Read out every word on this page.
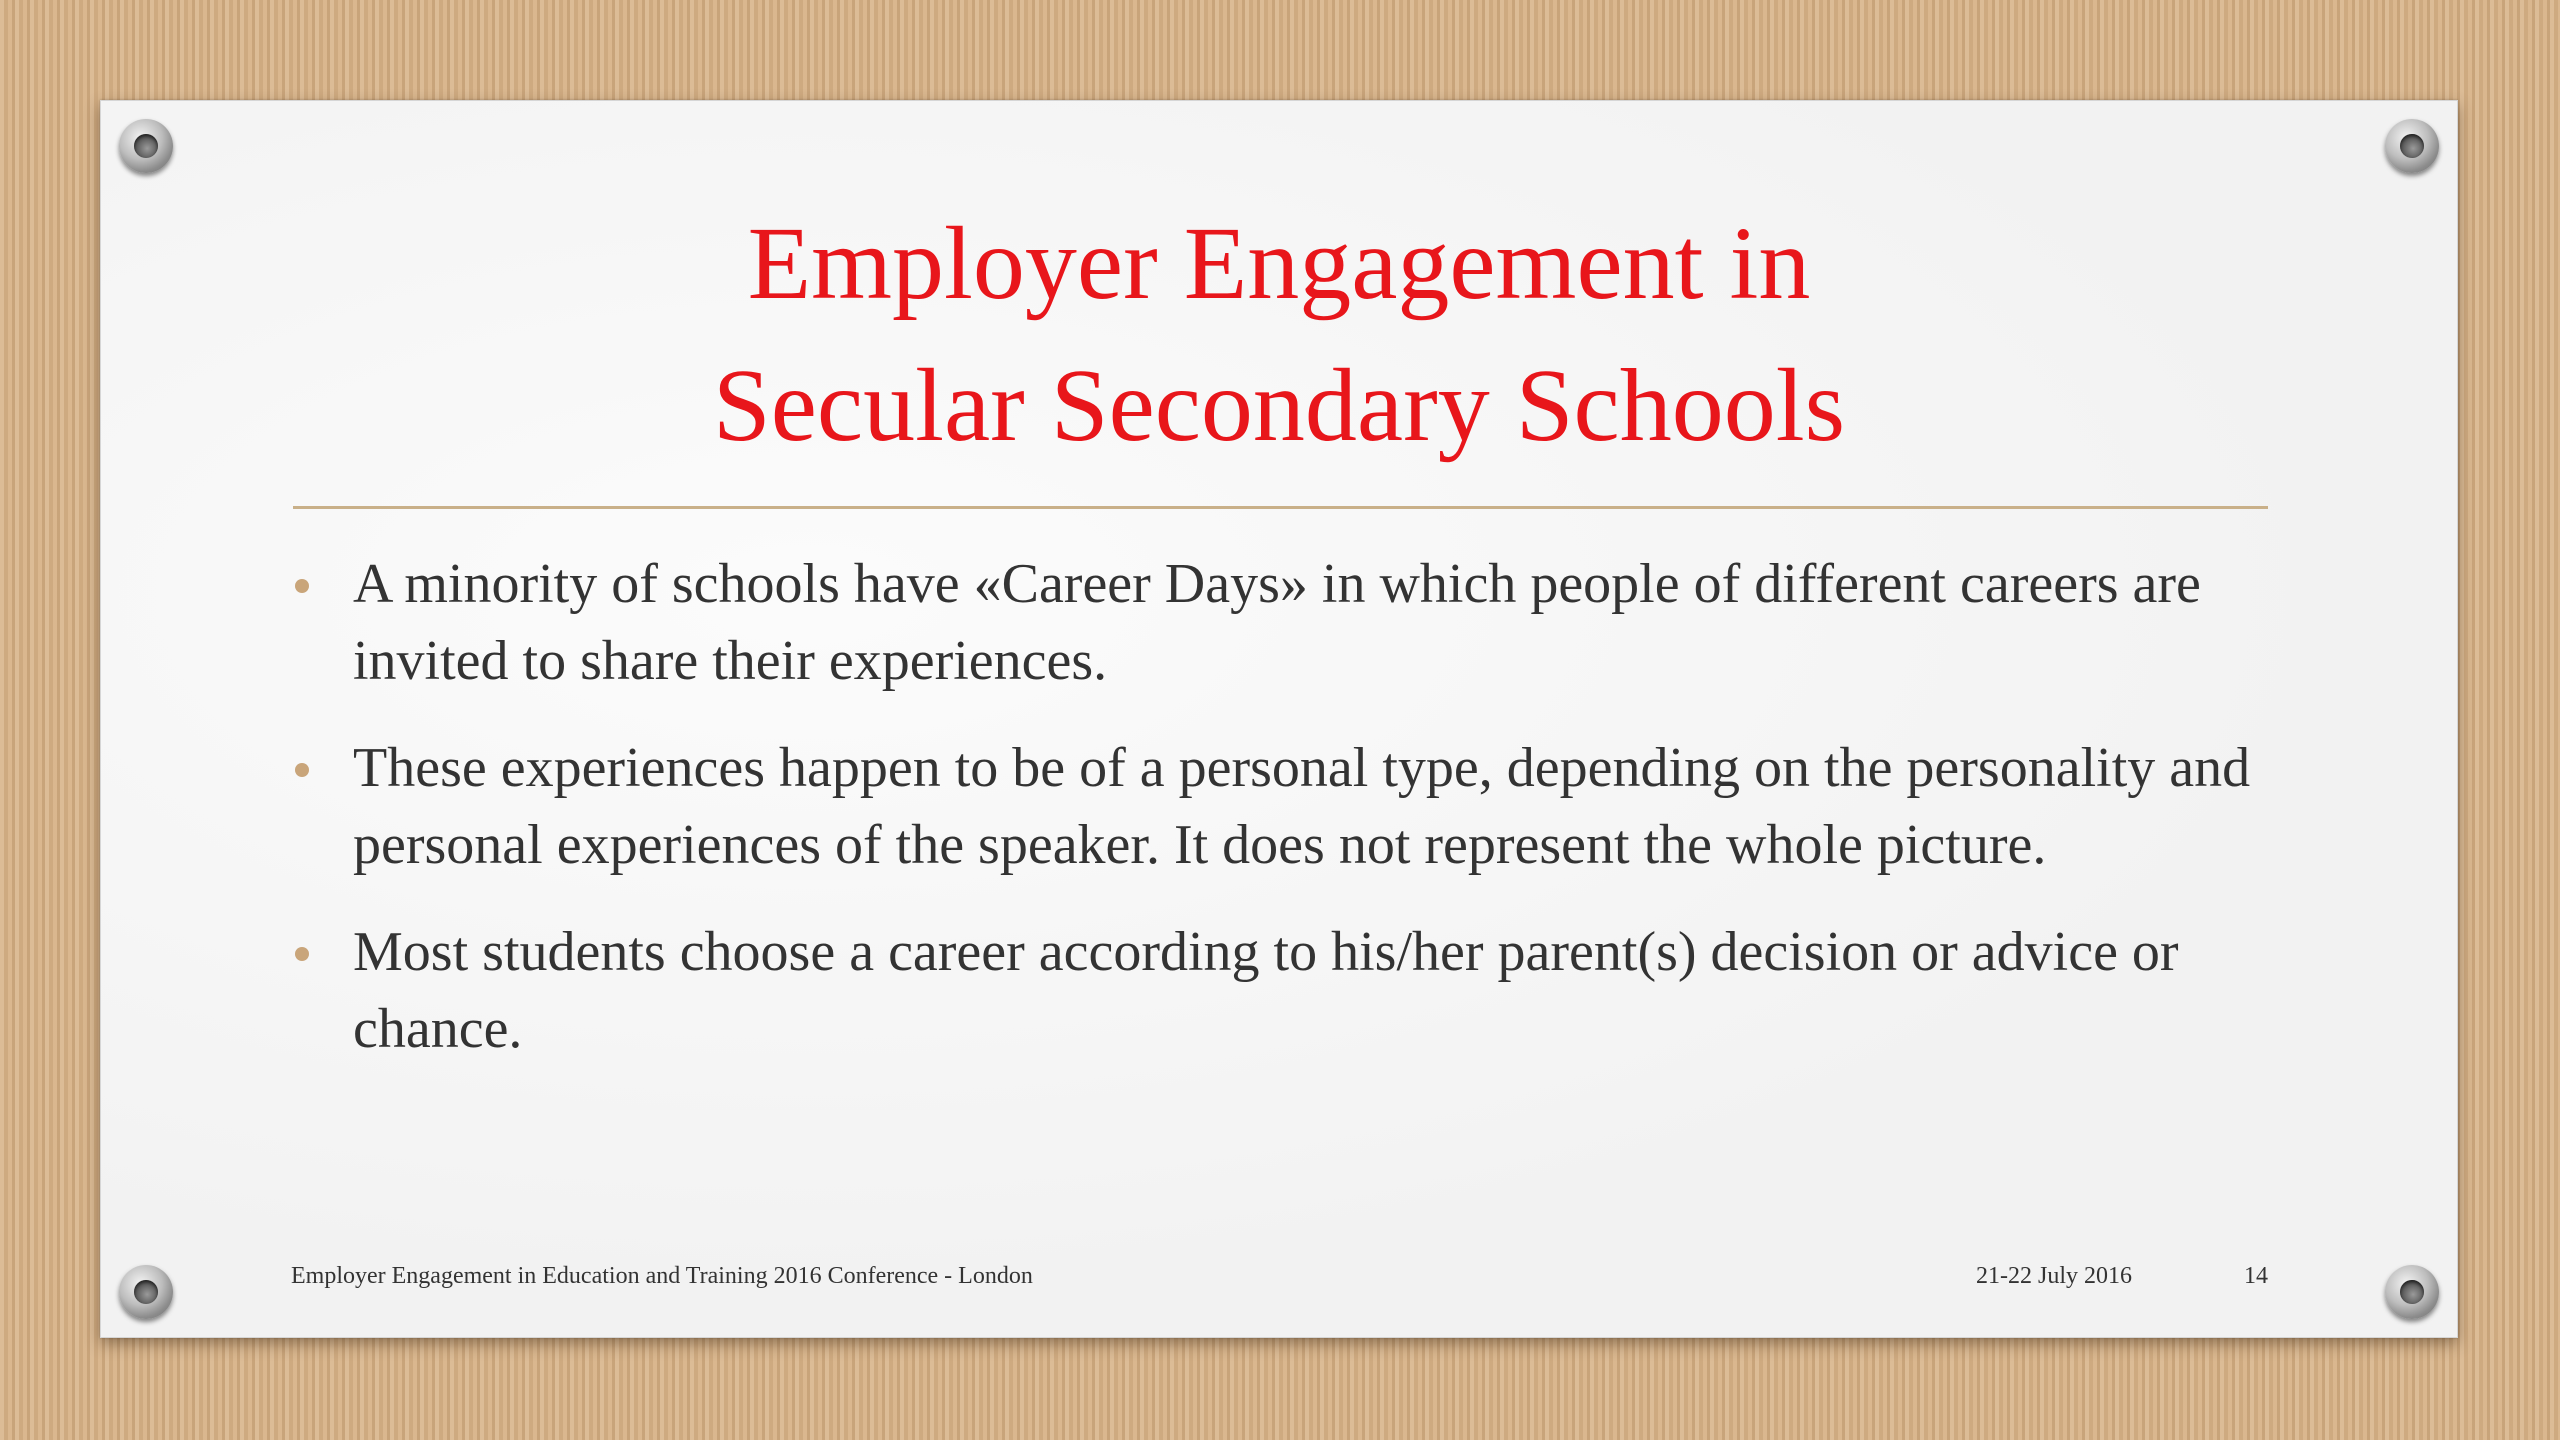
Employer Engagement in
Secular Secondary Schools
A minority of schools have «Career Days» in which people of different careers are invited to share their experiences.
These experiences happen to be of a personal type, depending on the personality and personal experiences of the speaker. It does not represent the whole picture.
Most students choose a career according to his/her parent(s) decision or advice or chance.
Employer Engagement in Education and Training 2016 Conference - London	21-22 July 2016	14
